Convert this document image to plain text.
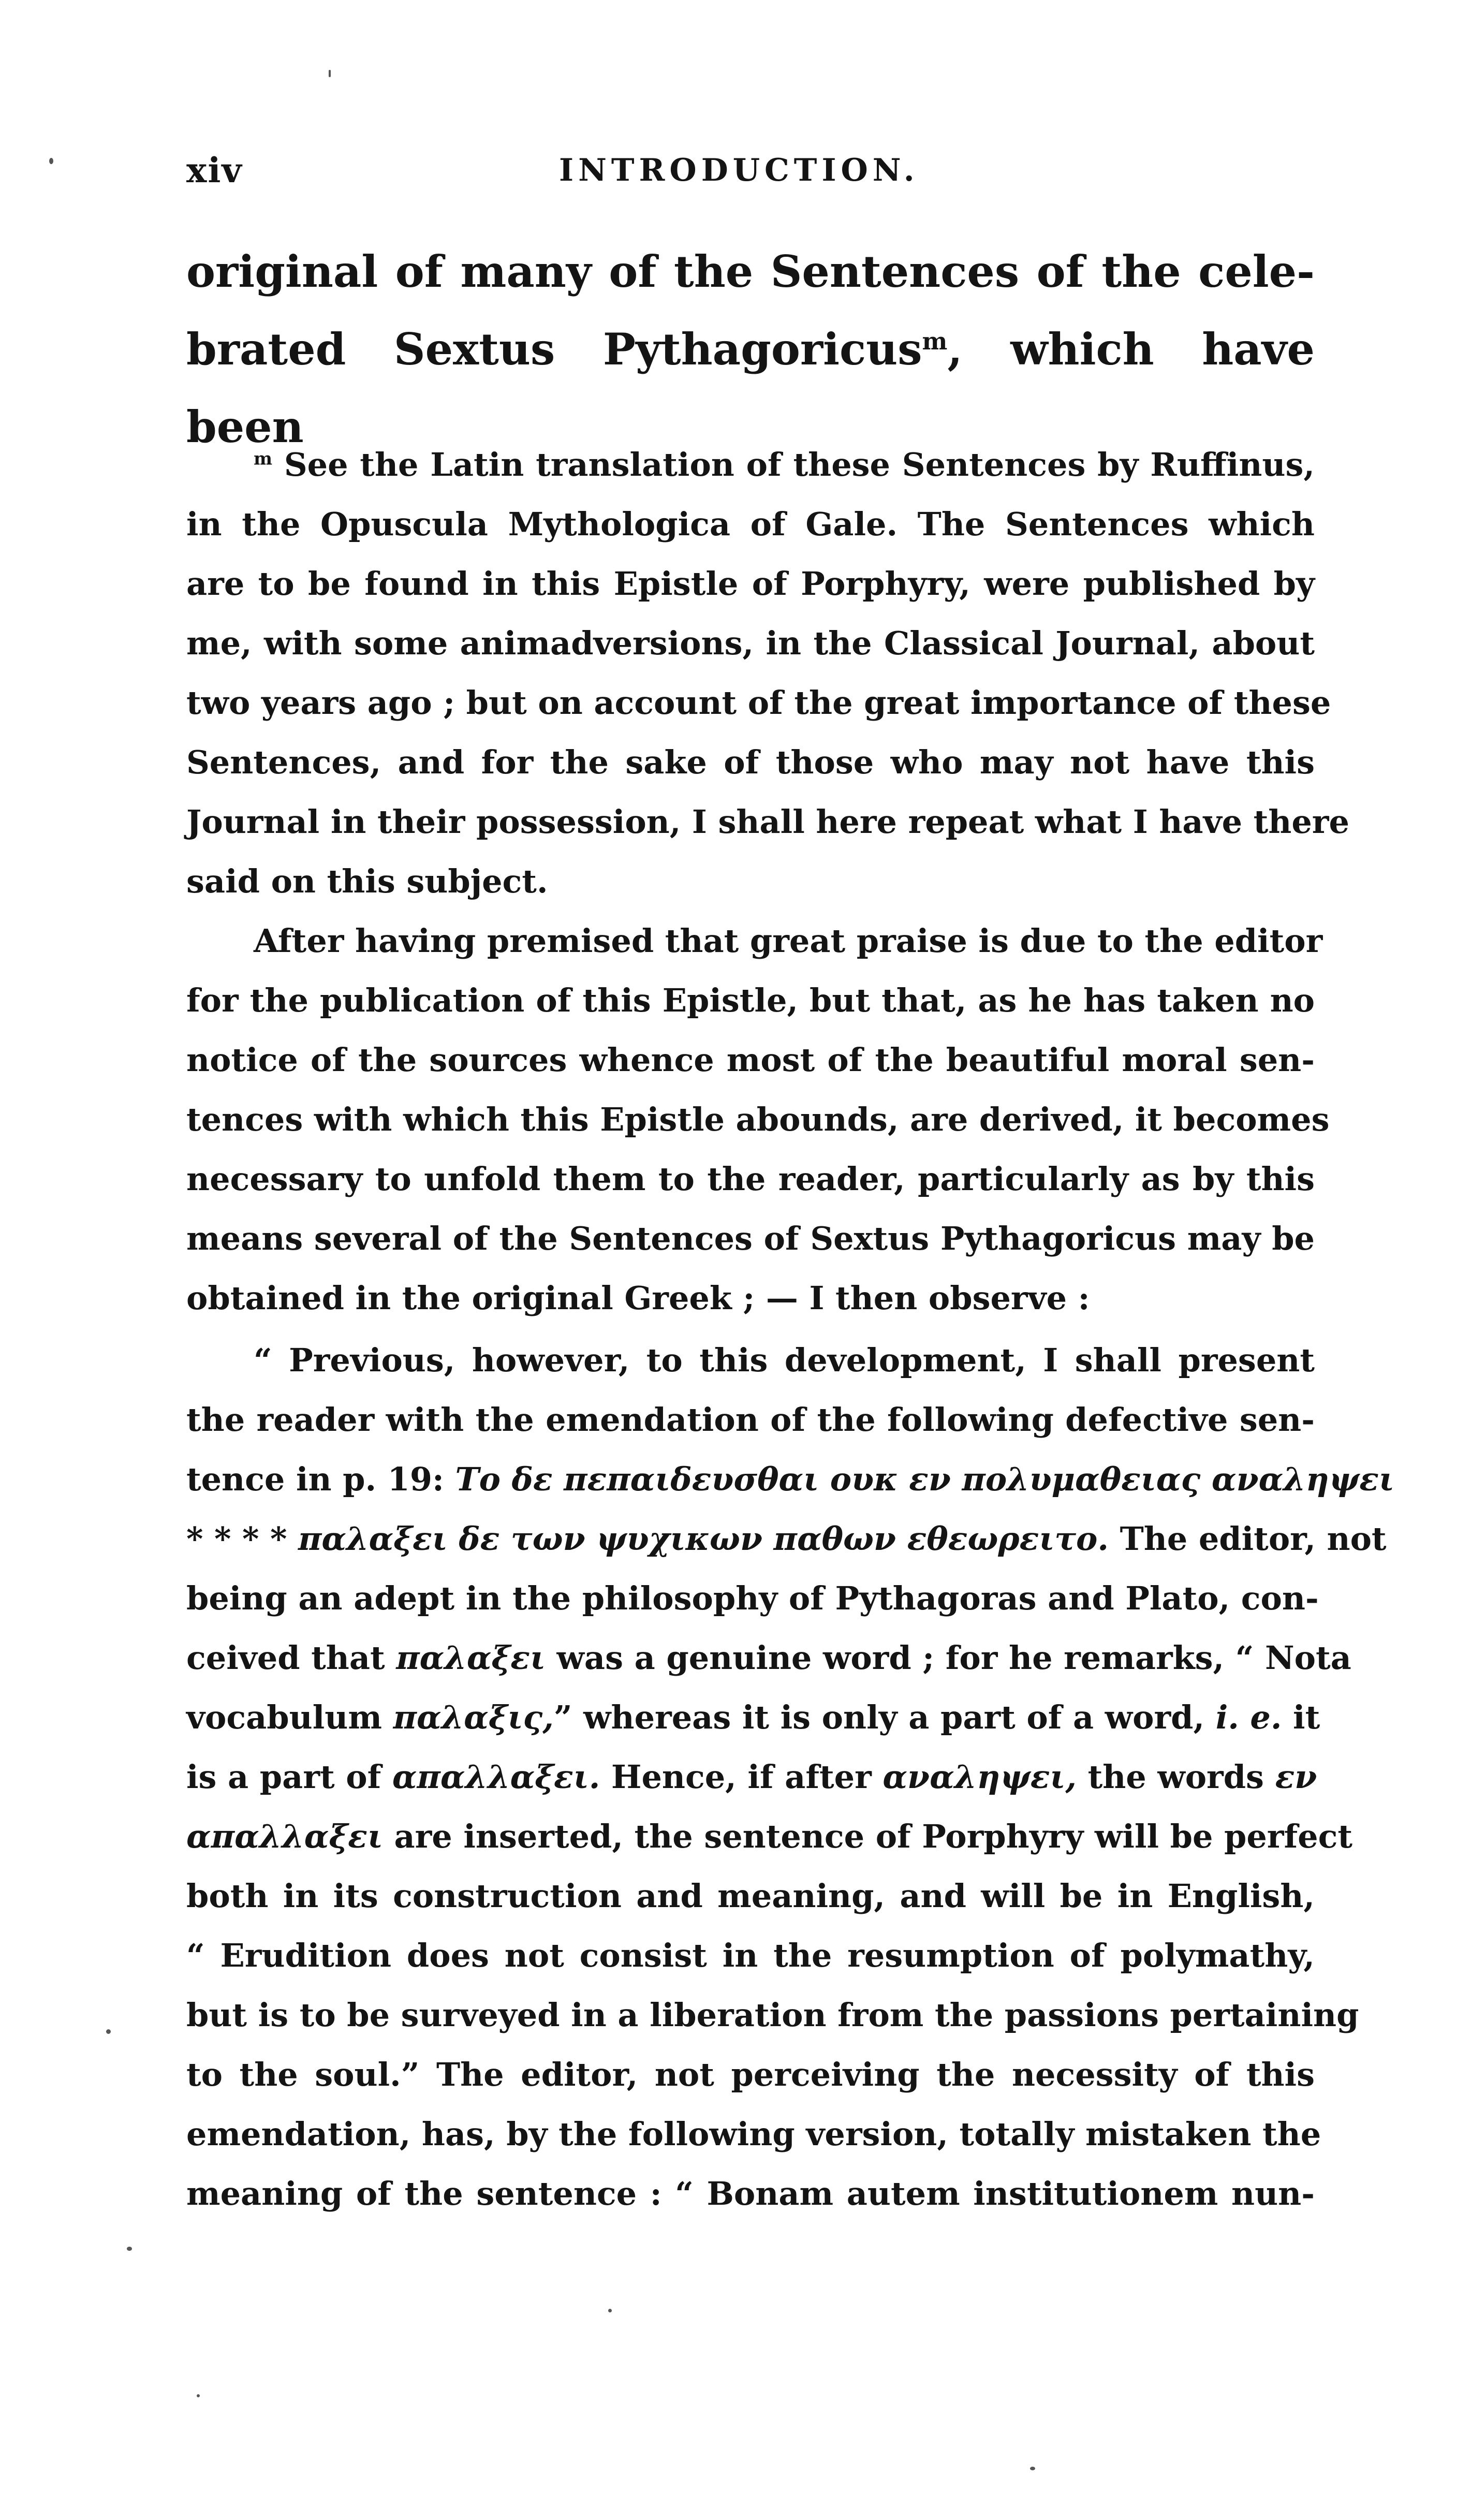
xiv	INTRODUCTION.
original of many of the Sentences of the cele-
brated Sextus Pythagoricus$^m$, which have been
$^m$ See the Latin translation of these Sentences by Ruffinus,
in the Opuscula Mythologica of Gale. The Sentences which
are to be found in this Epistle of Porphyry, were published by
me, with some animadversions, in the Classical Journal, about
two years ago ; but on account of the great importance of these
Sentences, and for the sake of those who may not have this
Journal in their possession, I shall here repeat what I have there
said on this subject.
After having premised that great praise is due to the editor
for the publication of this Epistle, but that, as he has taken no
notice of the sources whence most of the beautiful moral sen-
tences with which this Epistle abounds, are derived, it becomes
necessary to unfold them to the reader, particularly as by this
means several of the Sentences of Sextus Pythagoricus may be
obtained in the original Greek ; — I then observe :
“ Previous, however, to this development, I shall present
the reader with the emendation of the following defective sen-
tence in p. 19: Το δε πεπαιδευσθαι ουκ εν πολυμαθειας αναληψει
* * * * παλαξει δε των ψυχικων παθων εθεωρειτο. The editor, not
being an adept in the philosophy of Pythagoras and Plato, con-
ceived that παλαξει was a genuine word ; for he remarks, “ Nota
vocabulum παλαξις,” whereas it is only a part of a word, i. e. it
is a part of απαλλαξει. Hence, if after αναληψει, the words εν
απαλλαξει are inserted, the sentence of Porphyry will be perfect
both in its construction and meaning, and will be in English,
“ Erudition does not consist in the resumption of polymathy,
but is to be surveyed in a liberation from the passions pertaining
to the soul.” The editor, not perceiving the necessity of this
emendation, has, by the following version, totally mistaken the
meaning of the sentence : “ Bonam autem institutionem nun-
